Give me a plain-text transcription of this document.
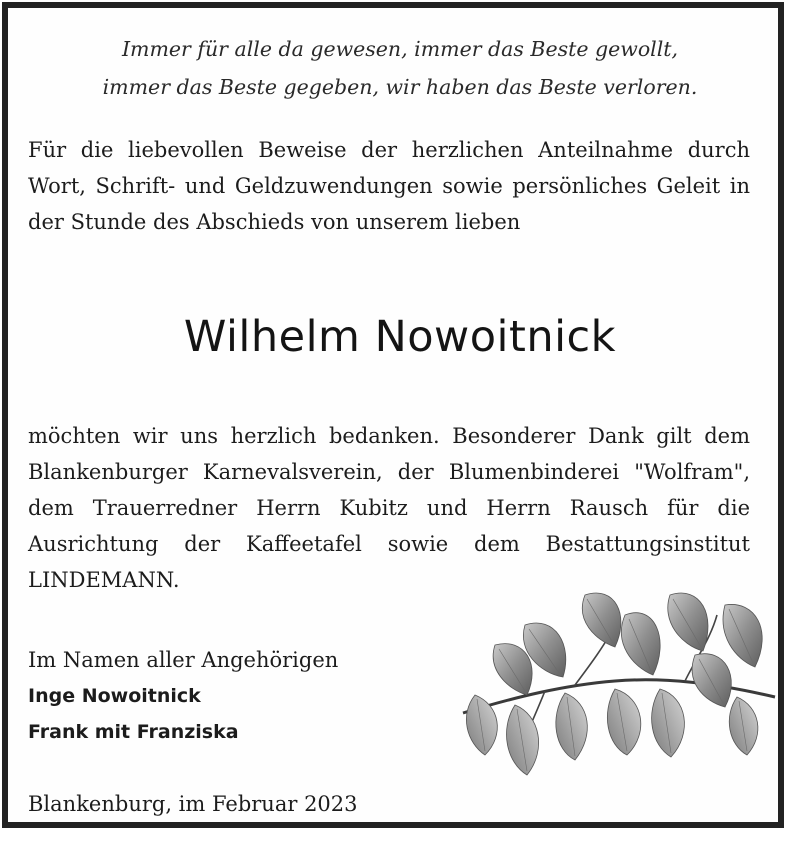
Immer für alle da gewesen, immer das Beste gewollt,
immer das Beste gegeben, wir haben das Beste verloren.
Für die liebevollen Beweise der herzlichen Anteilnahme durch Wort, Schrift- und Geldzuwendungen sowie persönliches Geleit in der Stunde des Abschieds von unserem lieben
Wilhelm Nowoitnick
möchten wir uns herzlich bedanken. Besonderer Dank gilt dem Blankenburger Karnevalsverein, der Blumenbinderei "Wolfram", dem Trauerredner Herrn Kubitz und Herrn Rausch für die Ausrichtung der Kaffeetafel sowie dem Bestattungsinstitut LINDEMANN.
Im Namen aller Angehörigen
Inge Nowoitnick
Frank mit Franziska
Blankenburg, im Februar 2023
